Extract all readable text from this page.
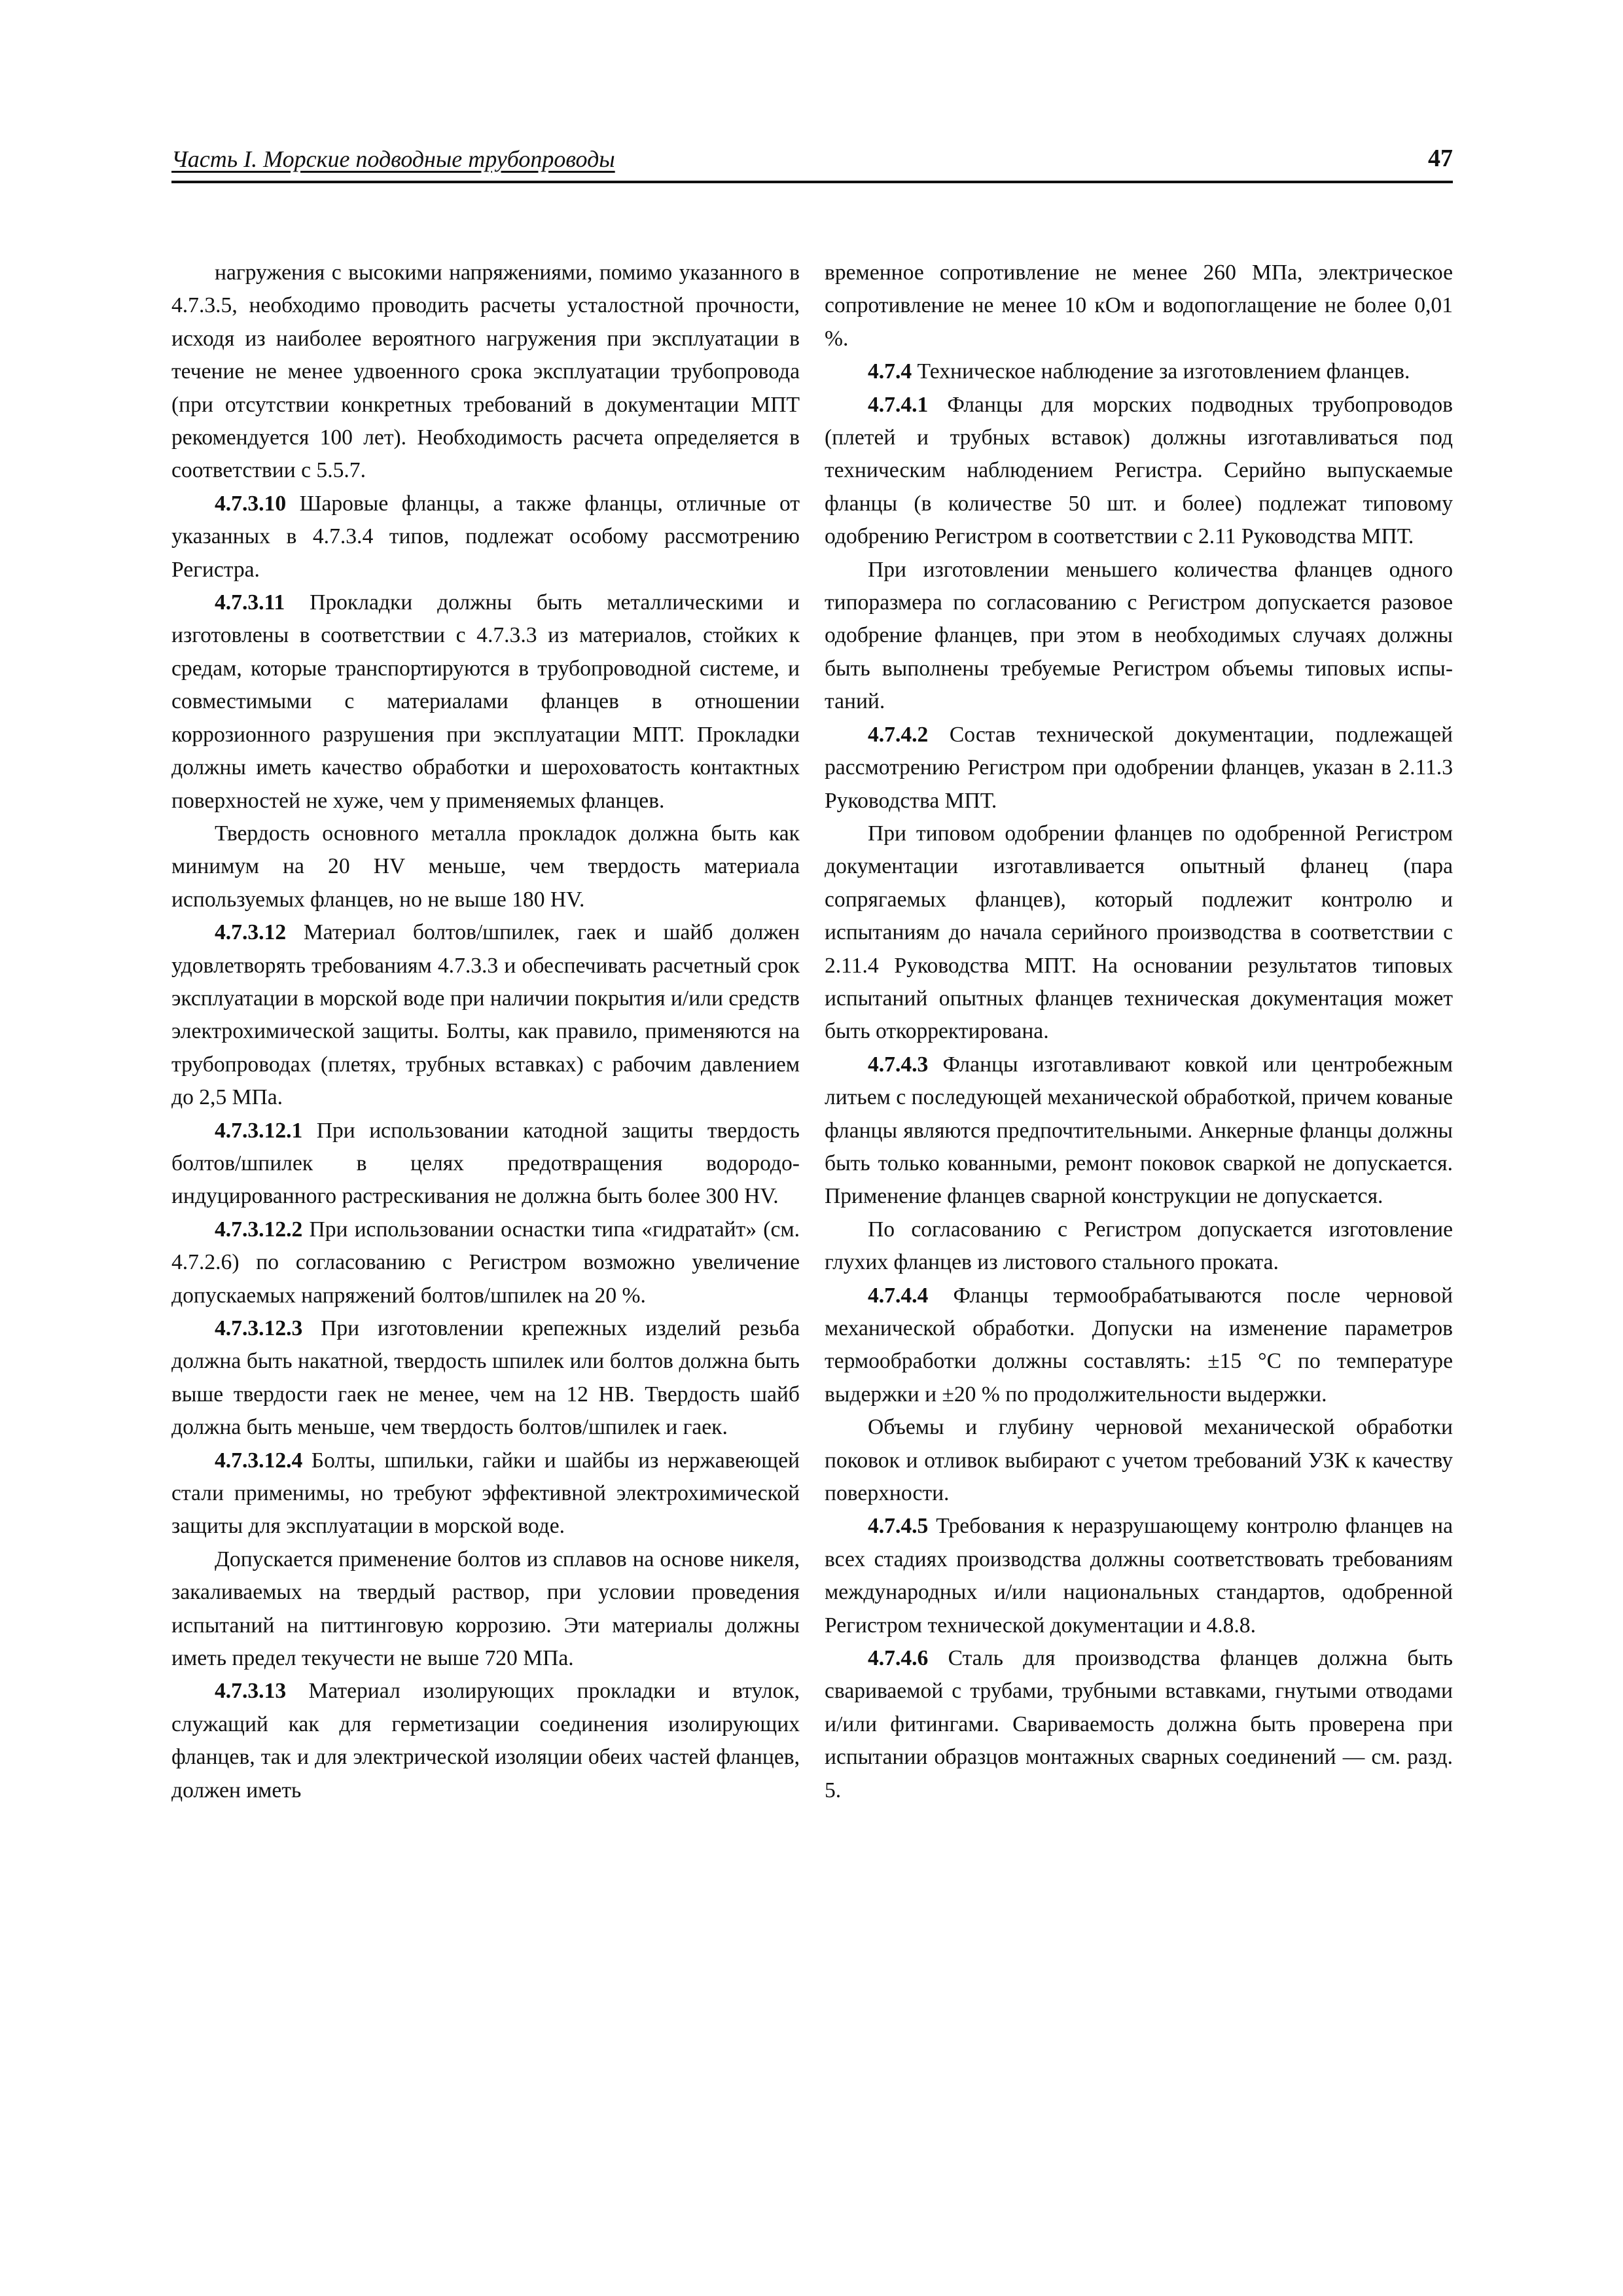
Часть I. Морские подводные трубопроводы	47

нагружения с высокими напряжениями, помимо указанного в 4.7.3.5, необходимо проводить расчеты усталостной прочности, исходя из наиболее вероятного нагружения при эксплуатации в течение не менее удвоенного срока эксплуатации трубопровода (при отсутствии конкретных требований в документации МПТ рекомендуется 100 лет). Необходимость расчета определяется в соответствии с 5.5.7.

4.7.3.10 Шаровые фланцы, а также фланцы, отличные от указанных в 4.7.3.4 типов, подлежат особому рассмотрению Регистра.

4.7.3.11 Прокладки должны быть металлическими и изготовлены в соответствии с 4.7.3.3 из материалов, стойких к средам, которые транспортируются в трубопроводной системе, и совместимыми с материалами фланцев в отношении коррозионного разрушения при эксплуатации МПТ. Прокладки должны иметь качество обработки и шероховатость контактных поверхностей не хуже, чем у применяемых фланцев.

Твердость основного металла прокладок должна быть как минимум на 20 HV меньше, чем твердость материала используемых фланцев, но не выше 180 HV.

4.7.3.12 Материал болтов/шпилек, гаек и шайб должен удовлетворять требованиям 4.7.3.3 и обеспечивать расчетный срок эксплуатации в морской воде при наличии покрытия и/или средств электрохимической защиты. Болты, как правило, применяются на трубопроводах (плетях, трубных вставках) с рабочим давлением до 2,5 МПа.

4.7.3.12.1 При использовании катодной защиты твердость болтов/шпилек в целях предотвращения водородо-индуцированного растрескивания не должна быть более 300 HV.

4.7.3.12.2 При использовании оснастки типа «гидратайт» (см. 4.7.2.6) по согласованию с Регистром возможно увеличение допускаемых напряжений болтов/шпилек на 20 %.

4.7.3.12.3 При изготовлении крепежных изделий резьба должна быть накатной, твердость шпилек или болтов должна быть выше твердости гаек не менее, чем на 12 HB. Твердость шайб должна быть меньше, чем твердость болтов/шпилек и гаек.

4.7.3.12.4 Болты, шпильки, гайки и шайбы из нержавеющей стали применимы, но требуют эффективной электрохимической защиты для эксплуатации в морской воде.

Допускается применение болтов из сплавов на основе никеля, закаливаемых на твердый раствор, при условии проведения испытаний на питтинговую коррозию. Эти материалы должны иметь предел текучести не выше 720 МПа.

4.7.3.13 Материал изолирующих прокладки и втулок, служащий как для герметизации соединения изолирующих фланцев, так и для электрической изоляции обеих частей фланцев, должен иметь

временное сопротивление не менее 260 МПа, электрическое сопротивление не менее 10 кОм и водопоглащение не более 0,01 %.

4.7.4 Техническое наблюдение за изготовлением фланцев.

4.7.4.1 Фланцы для морских подводных трубопроводов (плетей и трубных вставок) должны изготавливаться под техническим наблюдением Регистра. Серийно выпускаемые фланцы (в количестве 50 шт. и более) подлежат типовому одобрению Регистром в соответствии с 2.11 Руководства МПТ.

При изготовлении меньшего количества фланцев одного типоразмера по согласованию с Регистром допускается разовое одобрение фланцев, при этом в необходимых случаях должны быть выполнены требуемые Регистром объемы типовых испытаний.

4.7.4.2 Состав технической документации, подлежащей рассмотрению Регистром при одобрении фланцев, указан в 2.11.3 Руководства МПТ.

При типовом одобрении фланцев по одобренной Регистром документации изготавливается опытный фланец (пара сопрягаемых фланцев), который подлежит контролю и испытаниям до начала серийного производства в соответствии с 2.11.4 Руководства МПТ. На основании результатов типовых испытаний опытных фланцев техническая документация может быть откорректирована.

4.7.4.3 Фланцы изготавливают ковкой или центробежным литьем с последующей механической обработкой, причем кованые фланцы являются предпочтительными. Анкерные фланцы должны быть только кованными, ремонт поковок сваркой не допускается. Применение фланцев сварной конструкции не допускается.

По согласованию с Регистром допускается изготовление глухих фланцев из листового стального проката.

4.7.4.4 Фланцы термообрабатываются после черновой механической обработки. Допуски на изменение параметров термообработки должны составлять: ±15 °С по температуре выдержки и ±20 % по продолжительности выдержки.

Объемы и глубину черновой механической обработки поковок и отливок выбирают с учетом требований УЗК к качеству поверхности.

4.7.4.5 Требования к неразрушающему контролю фланцев на всех стадиях производства должны соответствовать требованиям международных и/или национальных стандартов, одобренной Регистром технической документации и 4.8.8.

4.7.4.6 Сталь для производства фланцев должна быть свариваемой с трубами, трубными вставками, гнутыми отводами и/или фитингами. Свариваемость должна быть проверена при испытании образцов монтажных сварных соединений — см. разд. 5.
